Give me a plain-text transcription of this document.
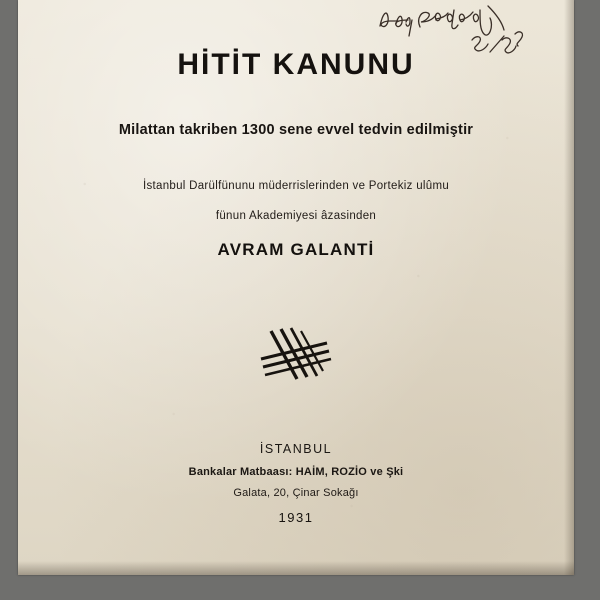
HİTİT KANUNU
Milattan takriben 1300 sene evvel tedvin edilmiştir
İstanbul Darülfünunu müderrislerinden ve Portekiz ulûmu
fünun Akademiyesi âzasinden
AVRAM GALANTİ
İSTANBUL
Bankalar Matbaası: HAİM, ROZİO ve Şki
Galata, 20, Çinar Sokağı
1931
